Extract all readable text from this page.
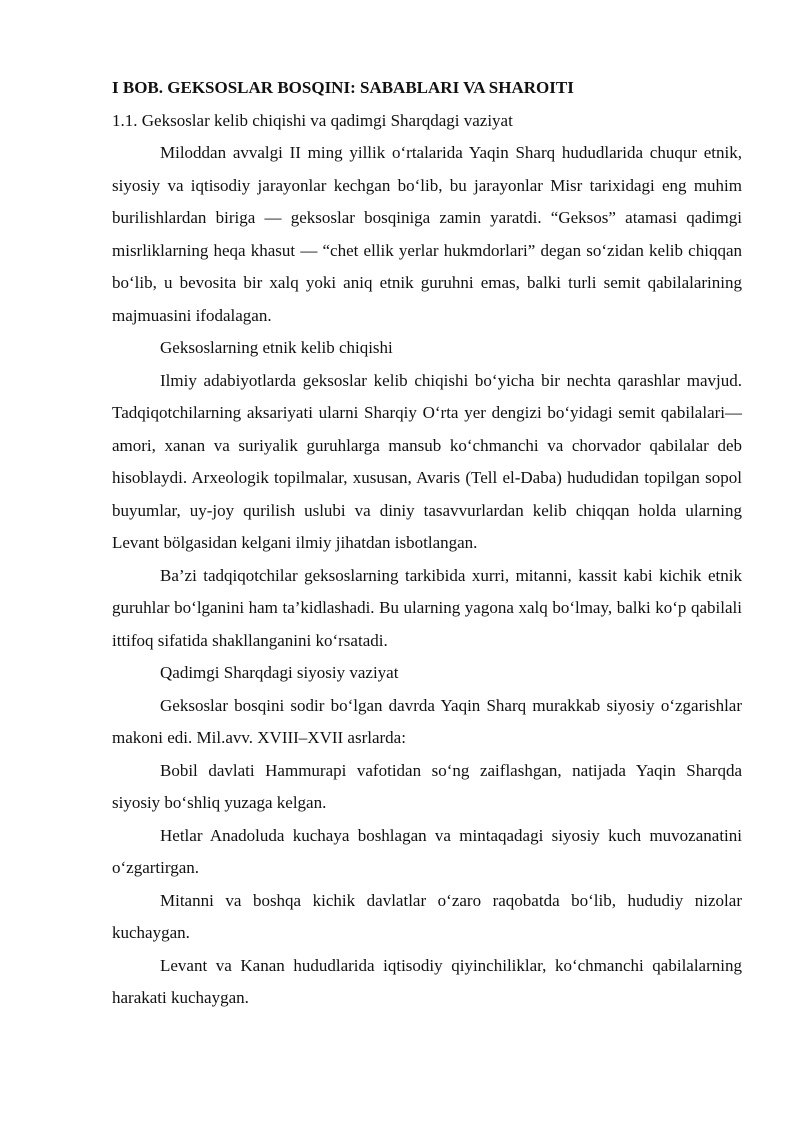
I BOB. GEKSOSLAR BOSQINI: SABABLARI VA SHAROITI
1.1. Geksoslar kelib chiqishi va qadimgi Sharqdagi vaziyat

Miloddan avvalgi II ming yillik o‘rtalarida Yaqin Sharq hududlarida chuqur etnik, siyosiy va iqtisodiy jarayonlar kechgan bo‘lib, bu jarayonlar Misr tarixidagi eng muhim burilishlardan biriga — geksoslar bosqiniga zamin yaratdi. “Geksos” atamasi qadimgi misrliklarning heqa khasut — “chet ellik yerlar hukmdorlari” degan so‘zidan kelib chiqqan bo‘lib, u bevosita bir xalq yoki aniq etnik guruhni emas, balki turli semit qabilalarining majmuasini ifodalagan.

Geksoslarning etnik kelib chiqishi

Ilmiy adabiyotlarda geksoslar kelib chiqishi bo‘yicha bir nechta qarashlar mavjud. Tadqiqotchilarning aksariyati ularni Sharqiy O‘rta yer dengizi bo‘yidagi semit qabilalari— amori, xanan va suriyalik guruhlarga mansub ko‘chmanchi va chorvador qabilalar deb hisoblaydi. Arxeologik topilmalar, xususan, Avaris (Tell el-Daba) hududidan topilgan sopol buyumlar, uy-joy qurilish uslubi va diniy tasavvurlardan kelib chiqqan holda ularning Levant bölgasidan kelgani ilmiy jihatdan isbotlangan.

Ba’zi tadqiqotchilar geksoslarning tarkibida xurri, mitanni, kassit kabi kichik etnik guruhlar bo‘lganini ham ta’kidlashadi. Bu ularning yagona xalq bo‘lmay, balki ko‘p qabilali ittifoq sifatida shakllanganini ko‘rsatadi.

Qadimgi Sharqdagi siyosiy vaziyat

Geksoslar bosqini sodir bo‘lgan davrda Yaqin Sharq murakkab siyosiy o‘zgarishlar makoni edi. Mil.avv. XVIII–XVII asrlarda:

Bobil davlati Hammurapi vafotidan so‘ng zaiflashgan, natijada Yaqin Sharqda siyosiy bo‘shliq yuzaga kelgan.

Hetlar Anadoluda kuchaya boshlagan va mintaqadagi siyosiy kuch muvozanatini o‘zgartirgan.

Mitanni va boshqa kichik davlatlar o‘zaro raqobatda bo‘lib, hududiy nizolar kuchaygan.

Levant va Kanan hududlarida iqtisodiy qiyinchiliklar, ko‘chmanchi qabilalarning harakati kuchaygan.
